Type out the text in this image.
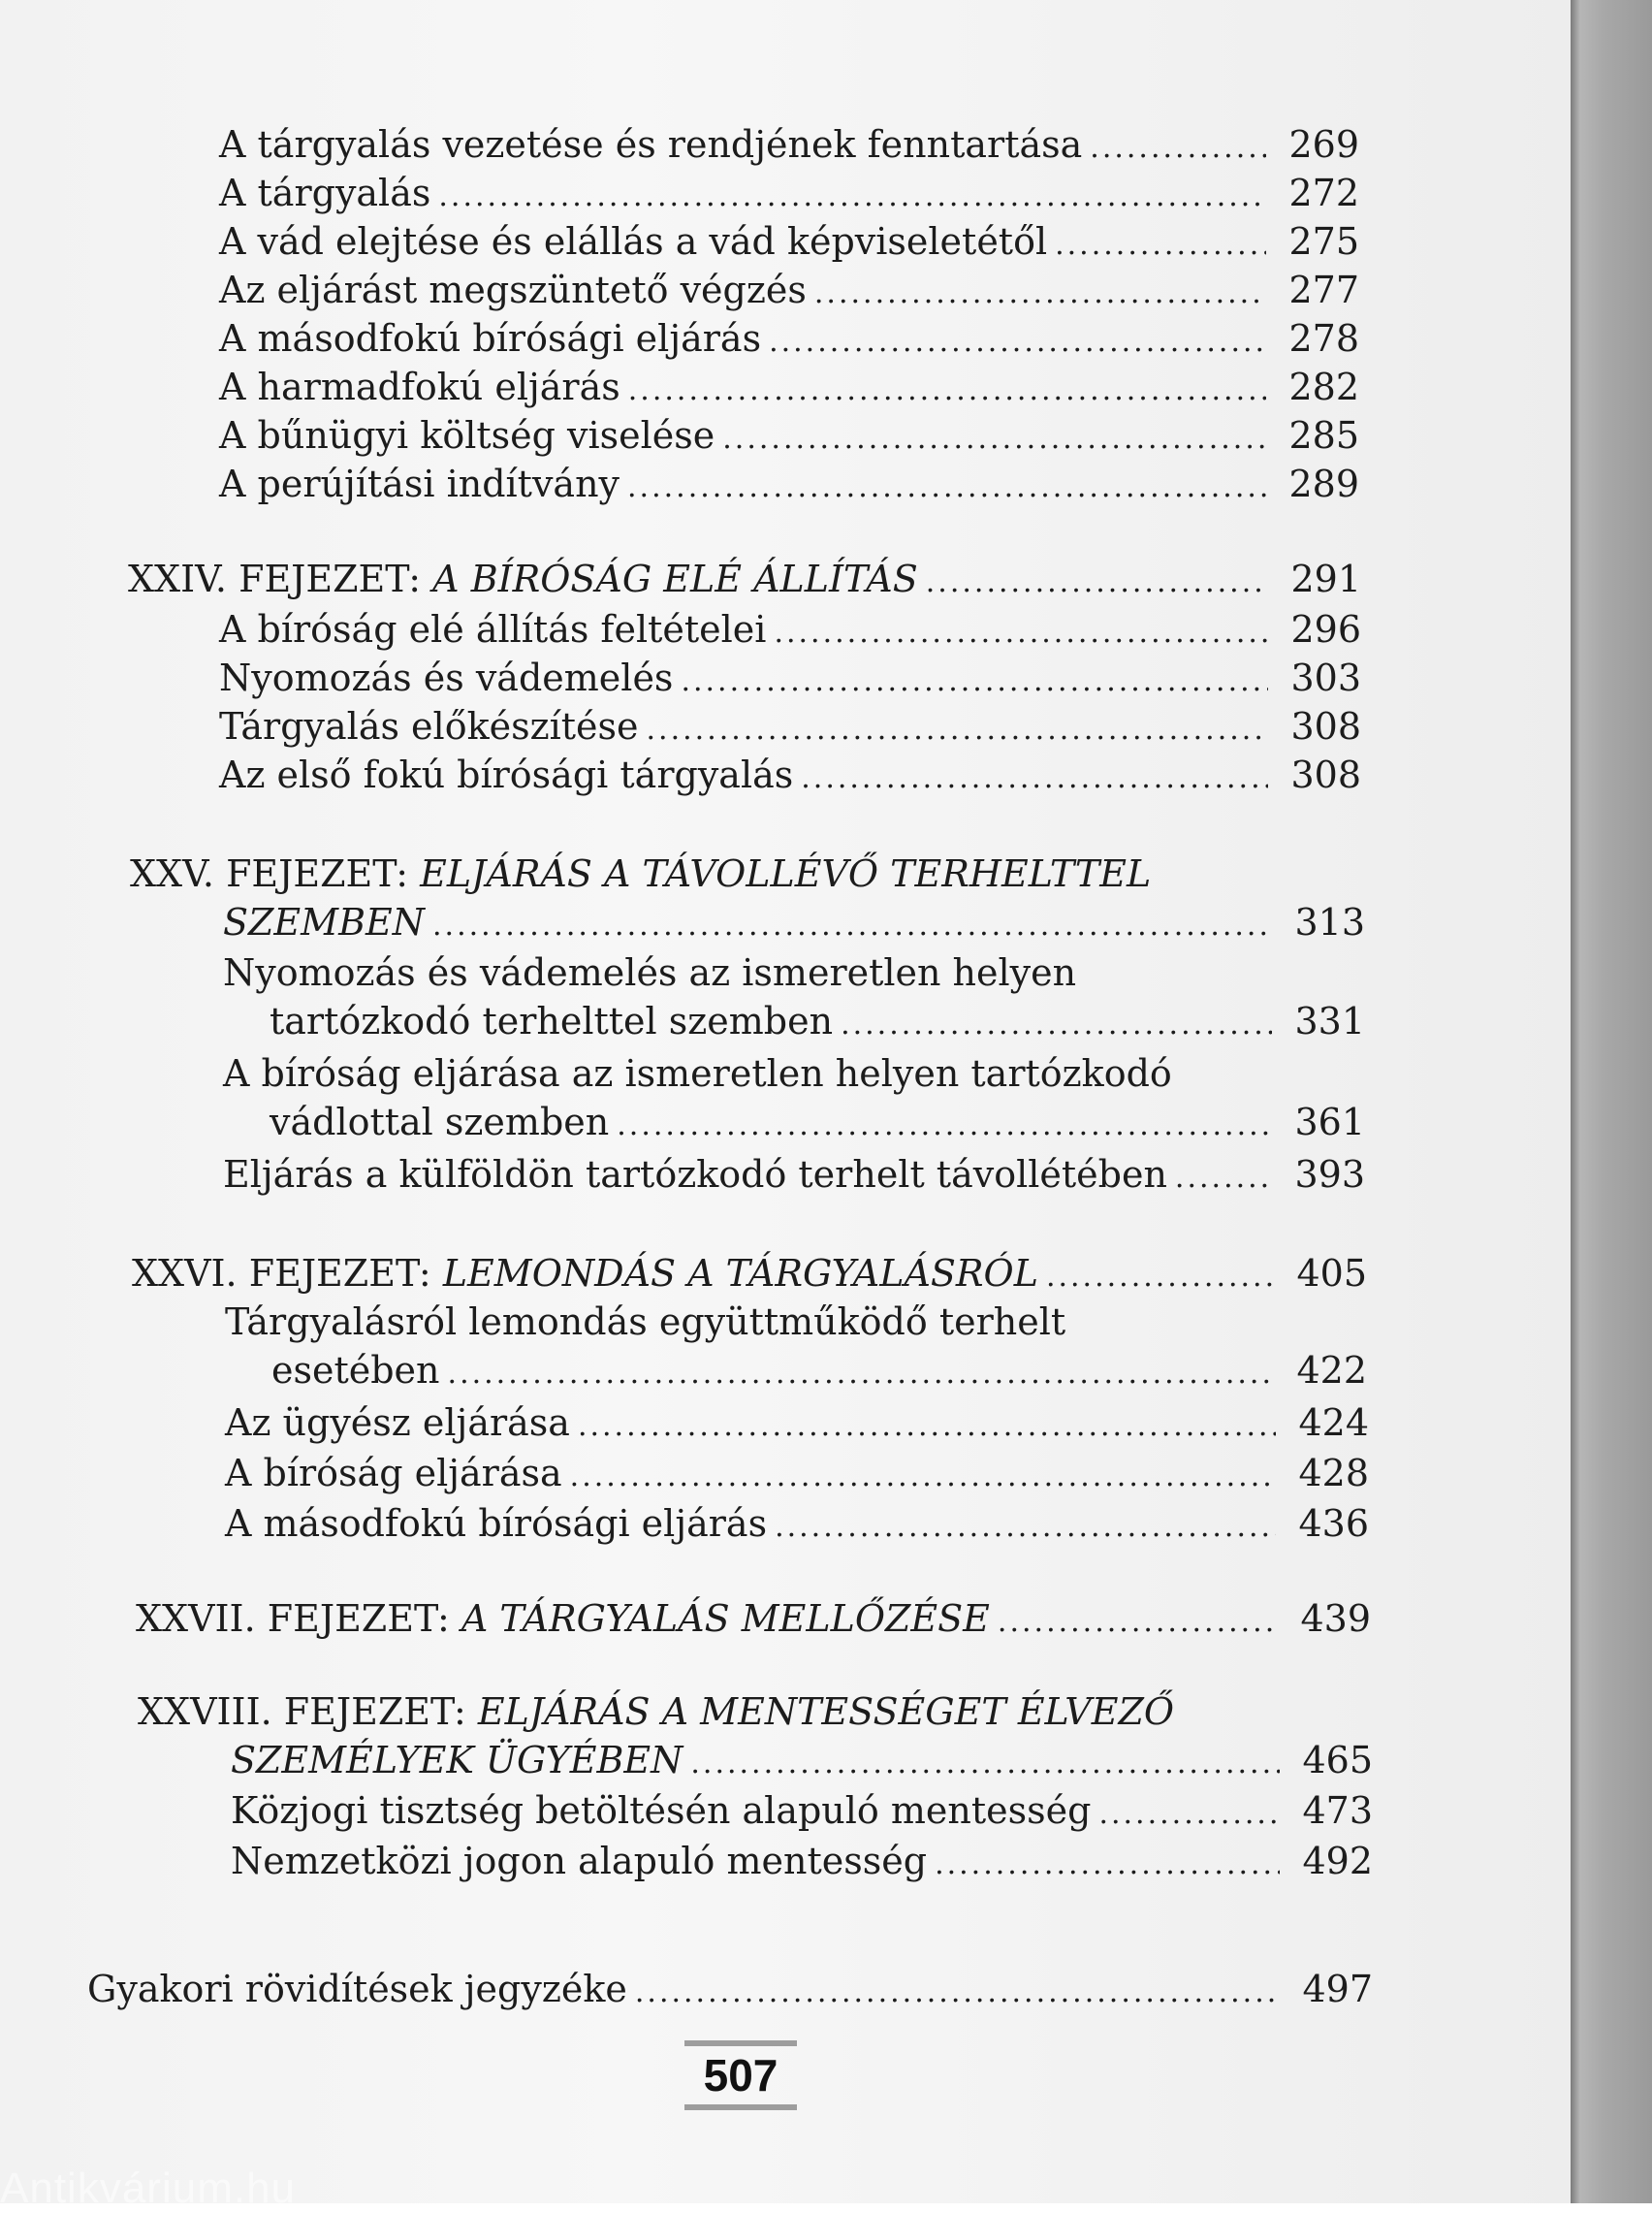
A tárgyalás vezetése és rendjének fenntartása .....	269
A tárgyalás .....	272
A vád elejtése és elállás a vád képviseletétől .....	275
Az eljárást megszüntető végzés .....	277
A másodfokú bírósági eljárás .....	278
A harmadfokú eljárás .....	282
A bűnügyi költség viselése .....	285
A perújítási indítvány .....	289
XXIV. FEJEZET: A BÍRÓSÁG ELÉ ÁLLÍTÁS .....	291
A bíróság elé állítás feltételei .....	296
Nyomozás és vádemelés .....	303
Tárgyalás előkészítése .....	308
Az első fokú bírósági tárgyalás .....	308
XXV. FEJEZET: ELJÁRÁS A TÁVOLLÉVŐ TERHELTTEL
SZEMBEN .....	313
Nyomozás és vádemelés az ismeretlen helyen
tartózkodó terhelttel szemben .....	331
A bíróság eljárása az ismeretlen helyen tartózkodó
vádlottal szemben .....	361
Eljárás a külföldön tartózkodó terhelt távollétében .....	393
XXVI. FEJEZET: LEMONDÁS A TÁRGYALÁSRÓL .....	405
Tárgyalásról lemondás együttműködő terhelt
esetében .....	422
Az ügyész eljárása .....	424
A bíróság eljárása .....	428
A másodfokú bírósági eljárás .....	436
XXVII. FEJEZET: A TÁRGYALÁS MELLŐZÉSE .....	439
XXVIII. FEJEZET: ELJÁRÁS A MENTESSÉGET ÉLVEZŐ
SZEMÉLYEK ÜGYÉBEN .....	465
Közjogi tisztség betöltésén alapuló mentesség .....	473
Nemzetközi jogon alapuló mentesség .....	492
Gyakori rövidítések jegyzéke .....	497
507
Antikvárium.hu
